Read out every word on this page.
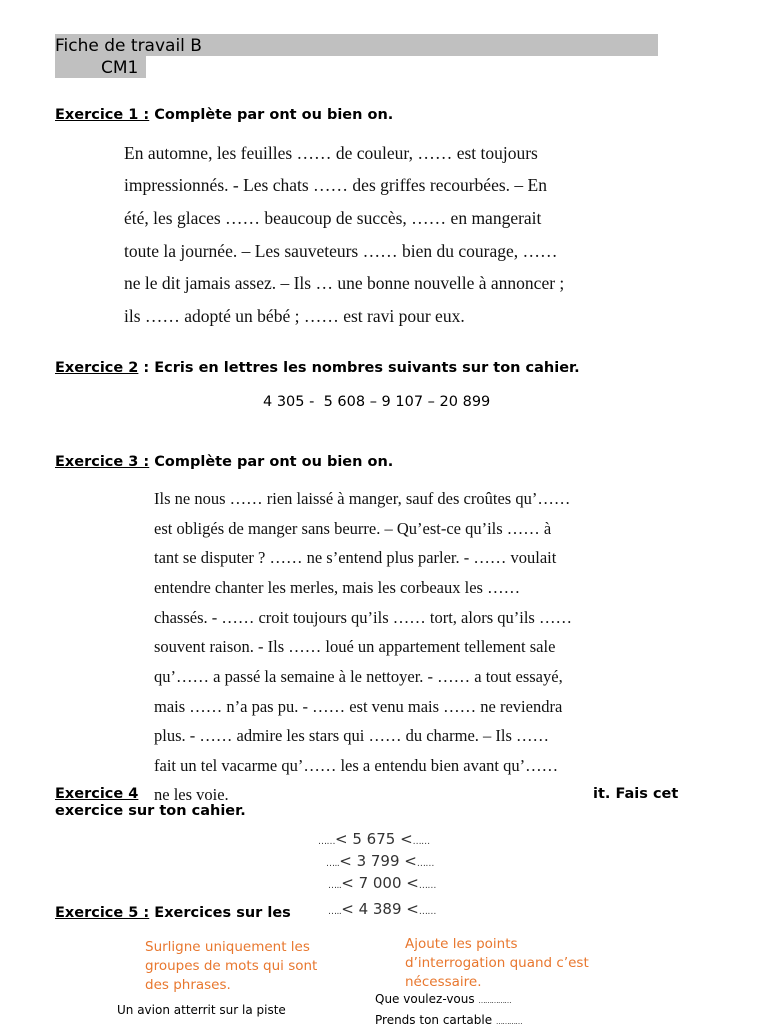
Fiche de travail B
CM1
Exercice 1 : Complète par ont ou bien on.
En automne, les feuilles …… de couleur, …… est toujours
impressionnés. - Les chats …… des griffes recourbées. – En
été, les glaces …… beaucoup de succès, …… en mangerait
toute la journée. – Les sauveteurs …… bien du courage, ……
ne le dit jamais assez. – Ils … une bonne nouvelle à annoncer ;
ils …… adopté un bébé ; …… est ravi pour eux.
Exercice 2 : Ecris en lettres les nombres suivants sur ton cahier.
4 305 -  5 608 – 9 107 – 20 899
Exercice 3 : Complète par ont ou bien on.
Ils ne nous …… rien laissé à manger, sauf des croûtes qu’……
est obligés de manger sans beurre. – Qu’est-ce qu’ils …… à
tant se disputer ? …… ne s’entend plus parler. - …… voulait
entendre chanter les merles, mais les corbeaux les ……
chassés. - …… croit toujours qu’ils …… tort, alors qu’ils ……
souvent raison. - Ils …… loué un appartement tellement sale
qu’…… a passé la semaine à le nettoyer. - …… a tout essayé,
mais …… n’a pas pu. - …… est venu mais …… ne reviendra
plus. - …… admire les stars qui …… du charme. – Ils ……
fait un tel vacarme qu’…… les a entendu bien avant qu’……
ne les voie.
Exercice 4	it. Fais cet
exercice sur ton cahier.
……< 5 675 <……
…..< 3 799 <……
…..< 7 000 <……
…..< 4 389 <……
Exercice 5 : Exercices sur les
Surligne uniquement les
groupes de mots qui sont
des phrases.
Ajoute les points
d’interrogation quand c’est
nécessaire.
Un avion atterrit sur la piste
Que voulez-vous ……………
Prends ton cartable …………
